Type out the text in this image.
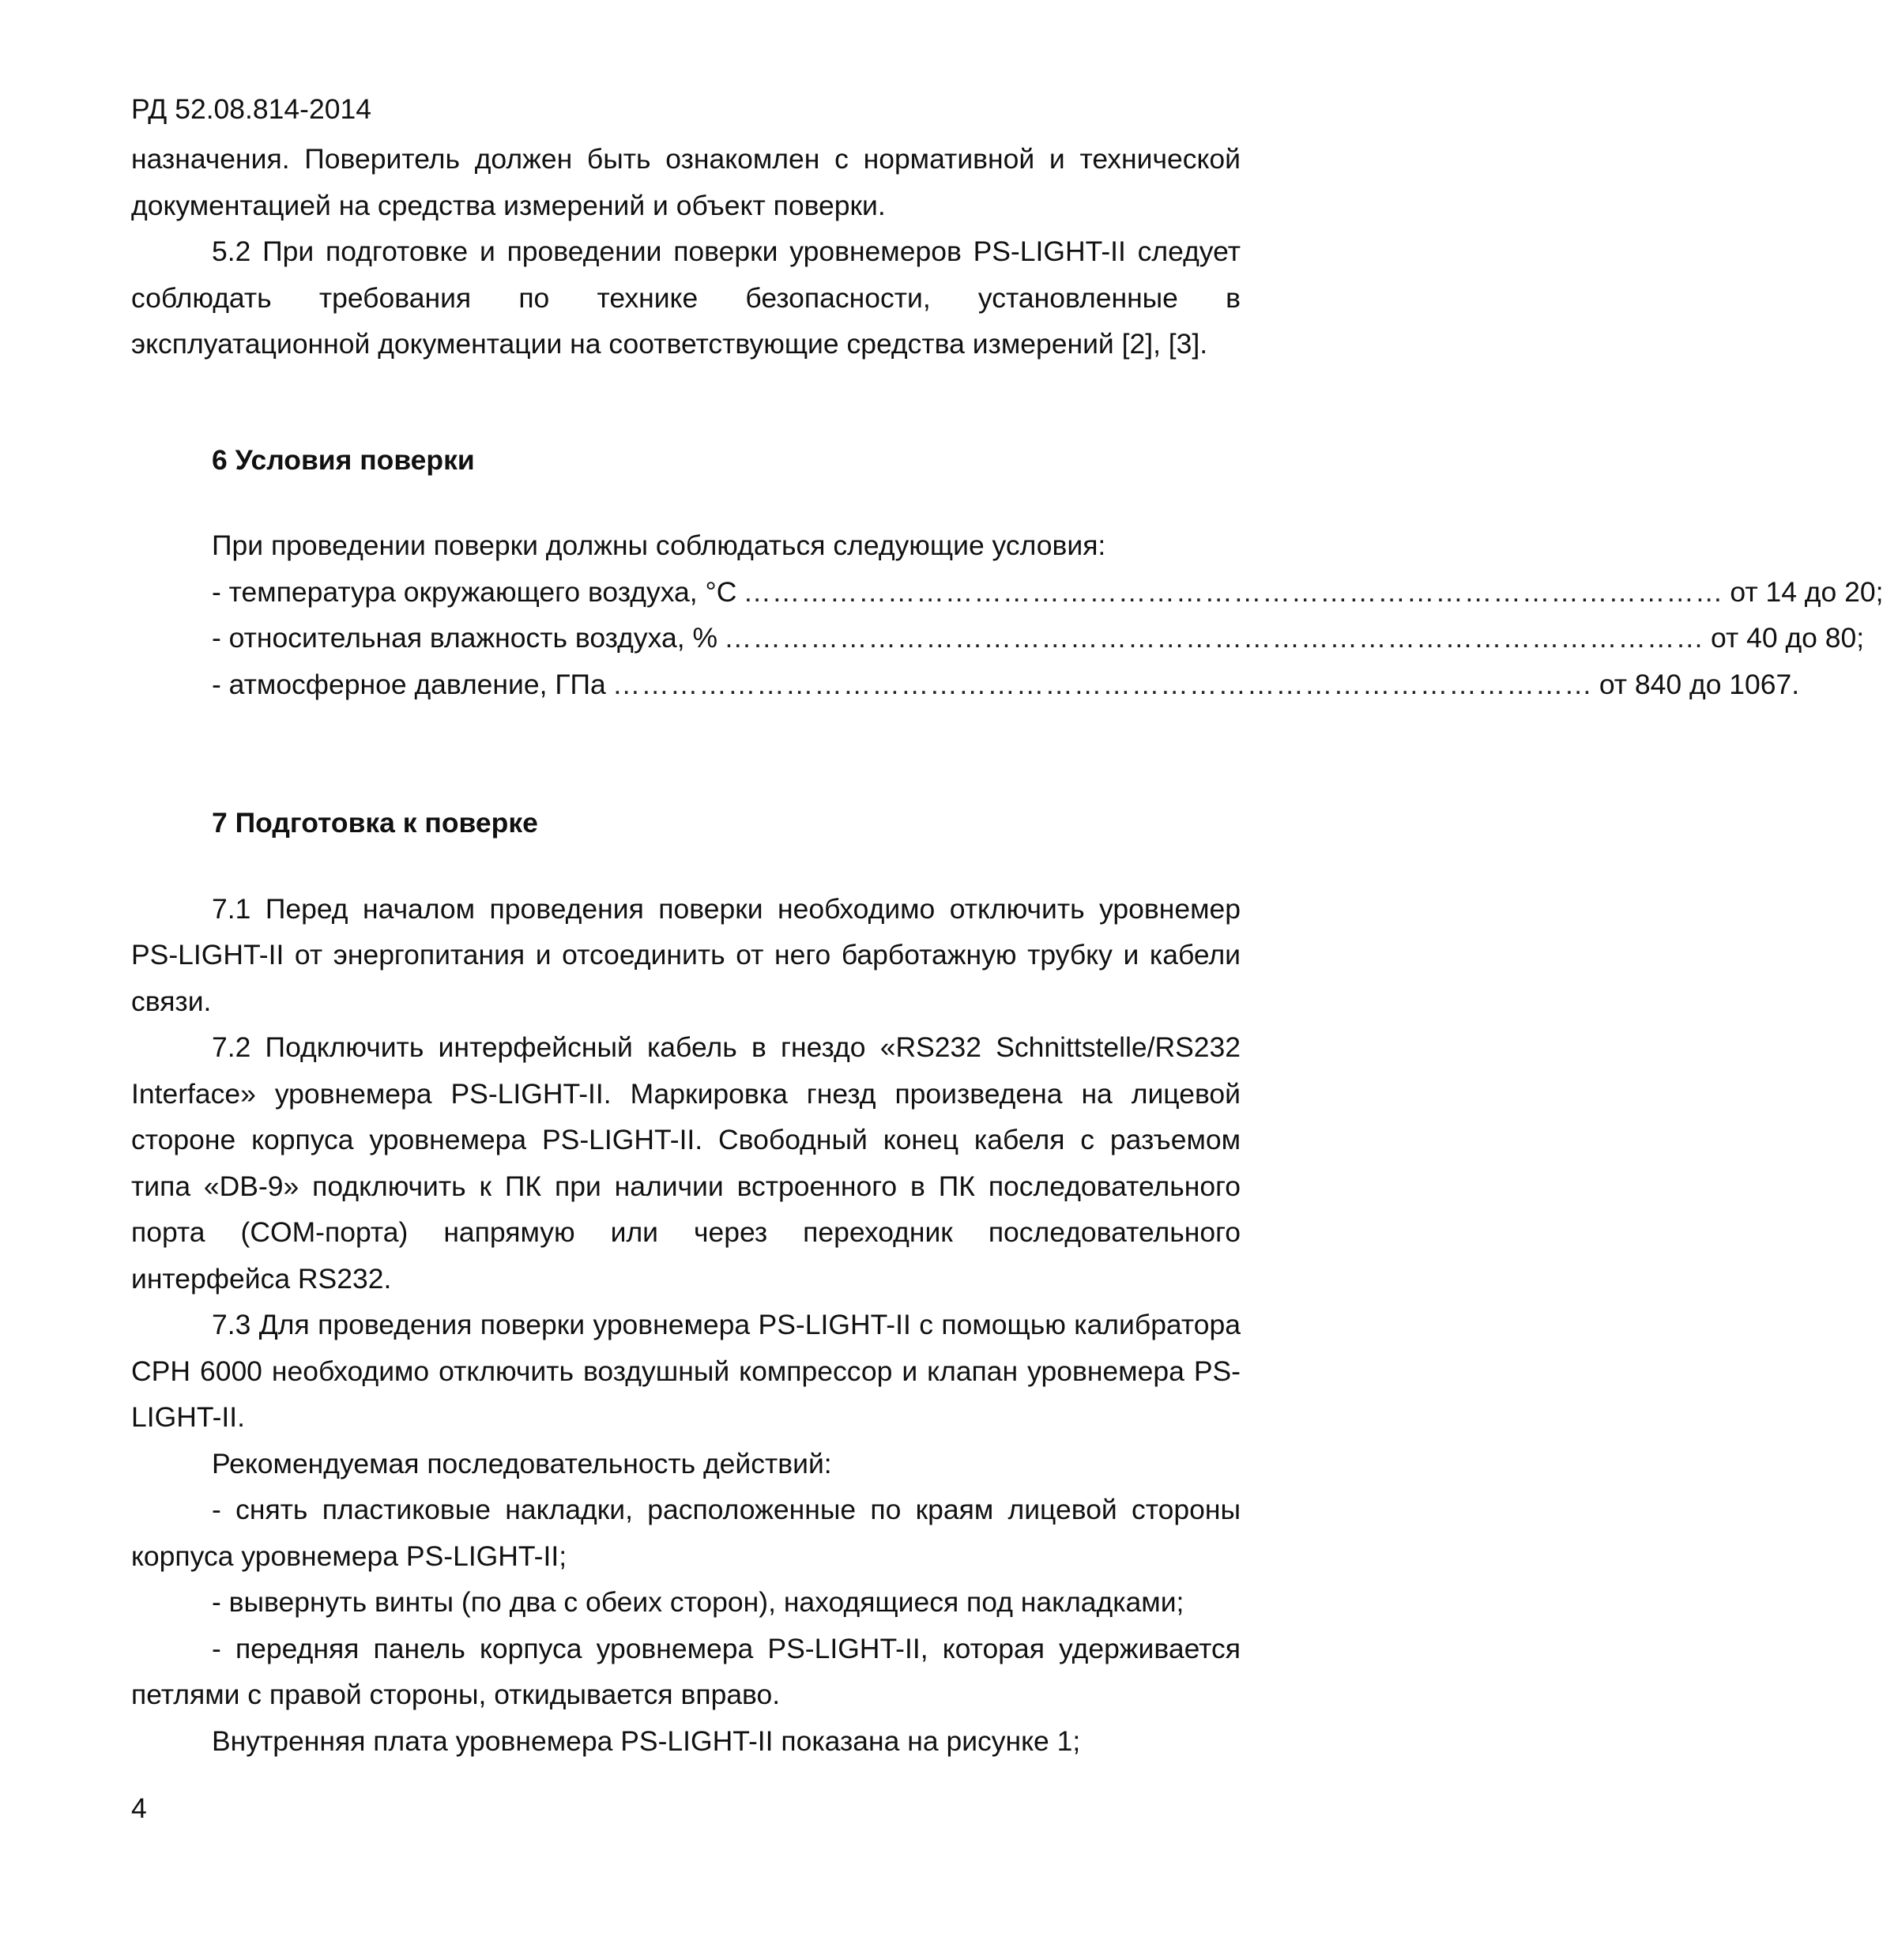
РД 52.08.814-2014

назначения. Поверитель должен быть ознакомлен с нормативной и технической документацией на средства измерений и объект поверки.

5.2 При подготовке и проведении поверки уровнемеров PS-LIGHT-II следует соблюдать требования по технике безопасности, установленные в эксплуатационной документации на соответствующие средства измерений [2], [3].

6 Условия поверки

При проведении поверки должны соблюдаться следующие условия:

- температура окружающего воздуха, °С ………………………………………………………………………………………… от 14 до 20;
- относительная влажность воздуха, % ………………………………………………………………………………………… от 40 до 80;
- атмосферное давление, ГПа ………………………………………………………………………………………… от 840 до 1067.

7 Подготовка к поверке

7.1 Перед началом проведения поверки необходимо отключить уровнемер PS-LIGHT-II от энергопитания и отсоединить от него барботажную трубку и кабели связи.

7.2 Подключить интерфейсный кабель в гнездо «RS232 Schnittstelle/RS232 Interface» уровнемера PS-LIGHT-II. Маркировка гнезд произведена на лицевой стороне корпуса уровнемера PS-LIGHT-II. Свободный конец кабеля с разъемом типа «DB-9» подключить к ПК при наличии встроенного в ПК последовательного порта (COM-порта) напрямую или через переходник последовательного интерфейса RS232.

7.3 Для проведения поверки уровнемера PS-LIGHT-II с помощью калибратора CPH 6000 необходимо отключить воздушный компрессор и клапан уровнемера PS-LIGHT-II.

Рекомендуемая последовательность действий:

- снять пластиковые накладки, расположенные по краям лицевой стороны корпуса уровнемера PS-LIGHT-II;

- вывернуть винты (по два с обеих сторон), находящиеся под накладками;

- передняя панель корпуса уровнемера PS-LIGHT-II, которая удерживается петлями с правой стороны, откидывается вправо.

Внутренняя плата уровнемера PS-LIGHT-II показана на рисунке 1;

4
